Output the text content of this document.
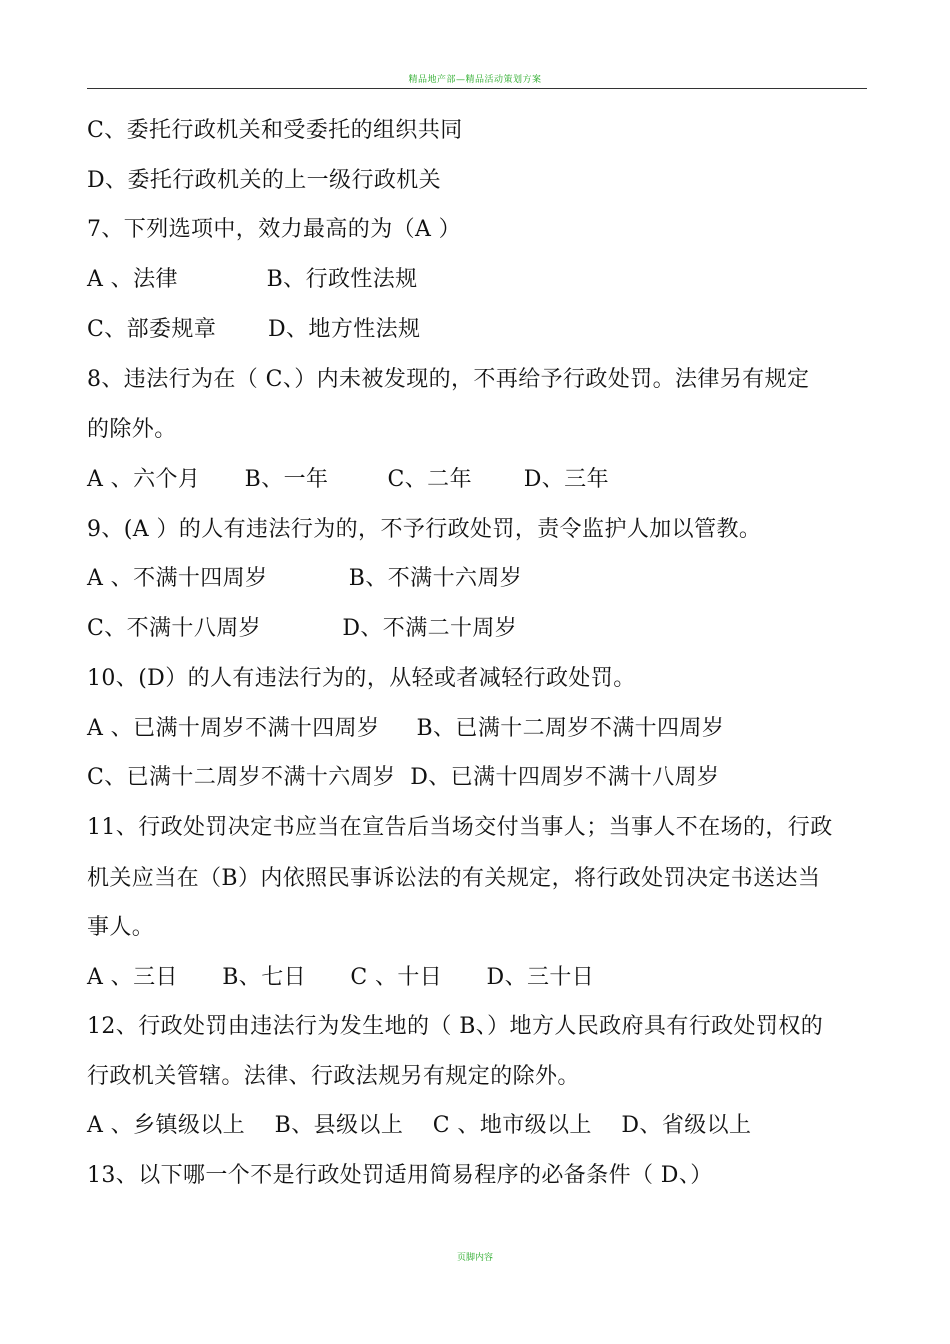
精品地产部—精品活动策划方案
C、委托行政机关和受委托的组织共同
D、委托行政机关的上一级行政机关
7、下列选项中，效力最高的为（A ）
A 、法律            B、行政性法规
C、部委规章       D、地方性法规
8、违法行为在（ C、）内未被发现的，不再给予行政处罚。法律另有规定
的除外。
A 、六个月      B、一年        C、二年       D、三年
9、(A ）的人有违法行为的，不予行政处罚，责令监护人加以管教。
A 、不满十四周岁           B、不满十六周岁
C、不满十八周岁           D、不满二十周岁
10、(D）的人有违法行为的，从轻或者减轻行政处罚。
A 、已满十周岁不满十四周岁     B、已满十二周岁不满十四周岁
C、已满十二周岁不满十六周岁  D、已满十四周岁不满十八周岁
11、行政处罚决定书应当在宣告后当场交付当事人；当事人不在场的，行政
机关应当在（B）内依照民事诉讼法的有关规定，将行政处罚决定书送达当
事人。
A 、三日      B、七日      C 、十日      D、三十日
12、行政处罚由违法行为发生地的（ B、）地方人民政府具有行政处罚权的
行政机关管辖。法律、行政法规另有规定的除外。
A 、乡镇级以上    B、县级以上    C 、地市级以上    D、省级以上
13、以下哪一个不是行政处罚适用简易程序的必备条件（ D、）
页脚内容
